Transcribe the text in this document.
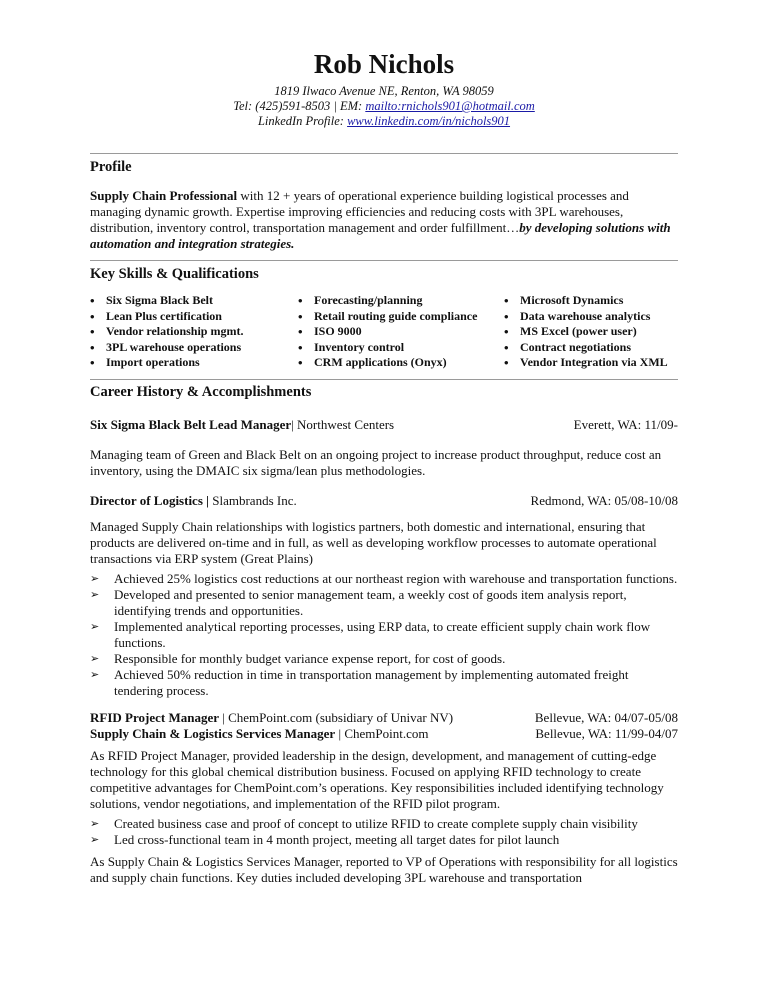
Rob Nichols
1819 Ilwaco Avenue NE, Renton, WA 98059
Tel: (425)591-8503 | EM: mailto:rnichols901@hotmail.com
LinkedIn Profile: www.linkedin.com/in/nichols901
Profile

Supply Chain Professional with 12 + years of operational experience building logistical processes and managing dynamic growth. Expertise improving efficiencies and reducing costs with 3PL warehouses, distribution, inventory control, transportation management and order fulfillment…by developing solutions with automation and integration strategies.

Key Skills & Qualifications
• Six Sigma Black Belt
• Lean Plus certification
• Vendor relationship mgmt.
• 3PL warehouse operations
• Import operations
• Forecasting/planning
• Retail routing guide compliance
• ISO 9000
• Inventory control
• CRM applications (Onyx)
• Microsoft Dynamics
• Data warehouse analytics
• MS Excel (power user)
• Contract negotiations
• Vendor Integration via XML
Career History & Accomplishments
Six Sigma Black Belt Lead Manager| Northwest Centers	Everett, WA: 11/09-

Managing team of Green and Black Belt on an ongoing project to increase product throughput, reduce cost an inventory, using the DMAIC six sigma/lean plus methodologies.

Director of Logistics | Slambrands Inc.	Redmond, WA: 05/08-10/08

Managed Supply Chain relationships with logistics partners, both domestic and international, ensuring that products are delivered on-time and in full, as well as developing workflow processes to automate operational transactions via ERP system (Great Plains)

➢ Achieved 25% logistics cost reductions at our northeast region with warehouse and transportation functions.
➢ Developed and presented to senior management team, a weekly cost of goods item analysis report, identifying trends and opportunities.
➢ Implemented analytical reporting processes, using ERP data, to create efficient supply chain work flow functions.
➢ Responsible for monthly budget variance expense report, for cost of goods.
➢ Achieved 50% reduction in time in transportation management by implementing automated freight tendering process.
RFID Project Manager | ChemPoint.com (subsidiary of Univar NV)	Bellevue, WA: 04/07-05/08
Supply Chain & Logistics Services Manager | ChemPoint.com	Bellevue, WA: 11/99-04/07

As RFID Project Manager, provided leadership in the design, development, and management of cutting-edge technology for this global chemical distribution business. Focused on applying RFID technology to create competitive advantages for ChemPoint.com’s operations. Key responsibilities included identifying technology solutions, vendor negotiations, and implementation of the RFID pilot program.

➢ Created business case and proof of concept to utilize RFID to create complete supply chain visibility
➢ Led cross-functional team in 4 month project, meeting all target dates for pilot launch

As Supply Chain & Logistics Services Manager, reported to VP of Operations with responsibility for all logistics and supply chain functions. Key duties included developing 3PL warehouse and transportation
